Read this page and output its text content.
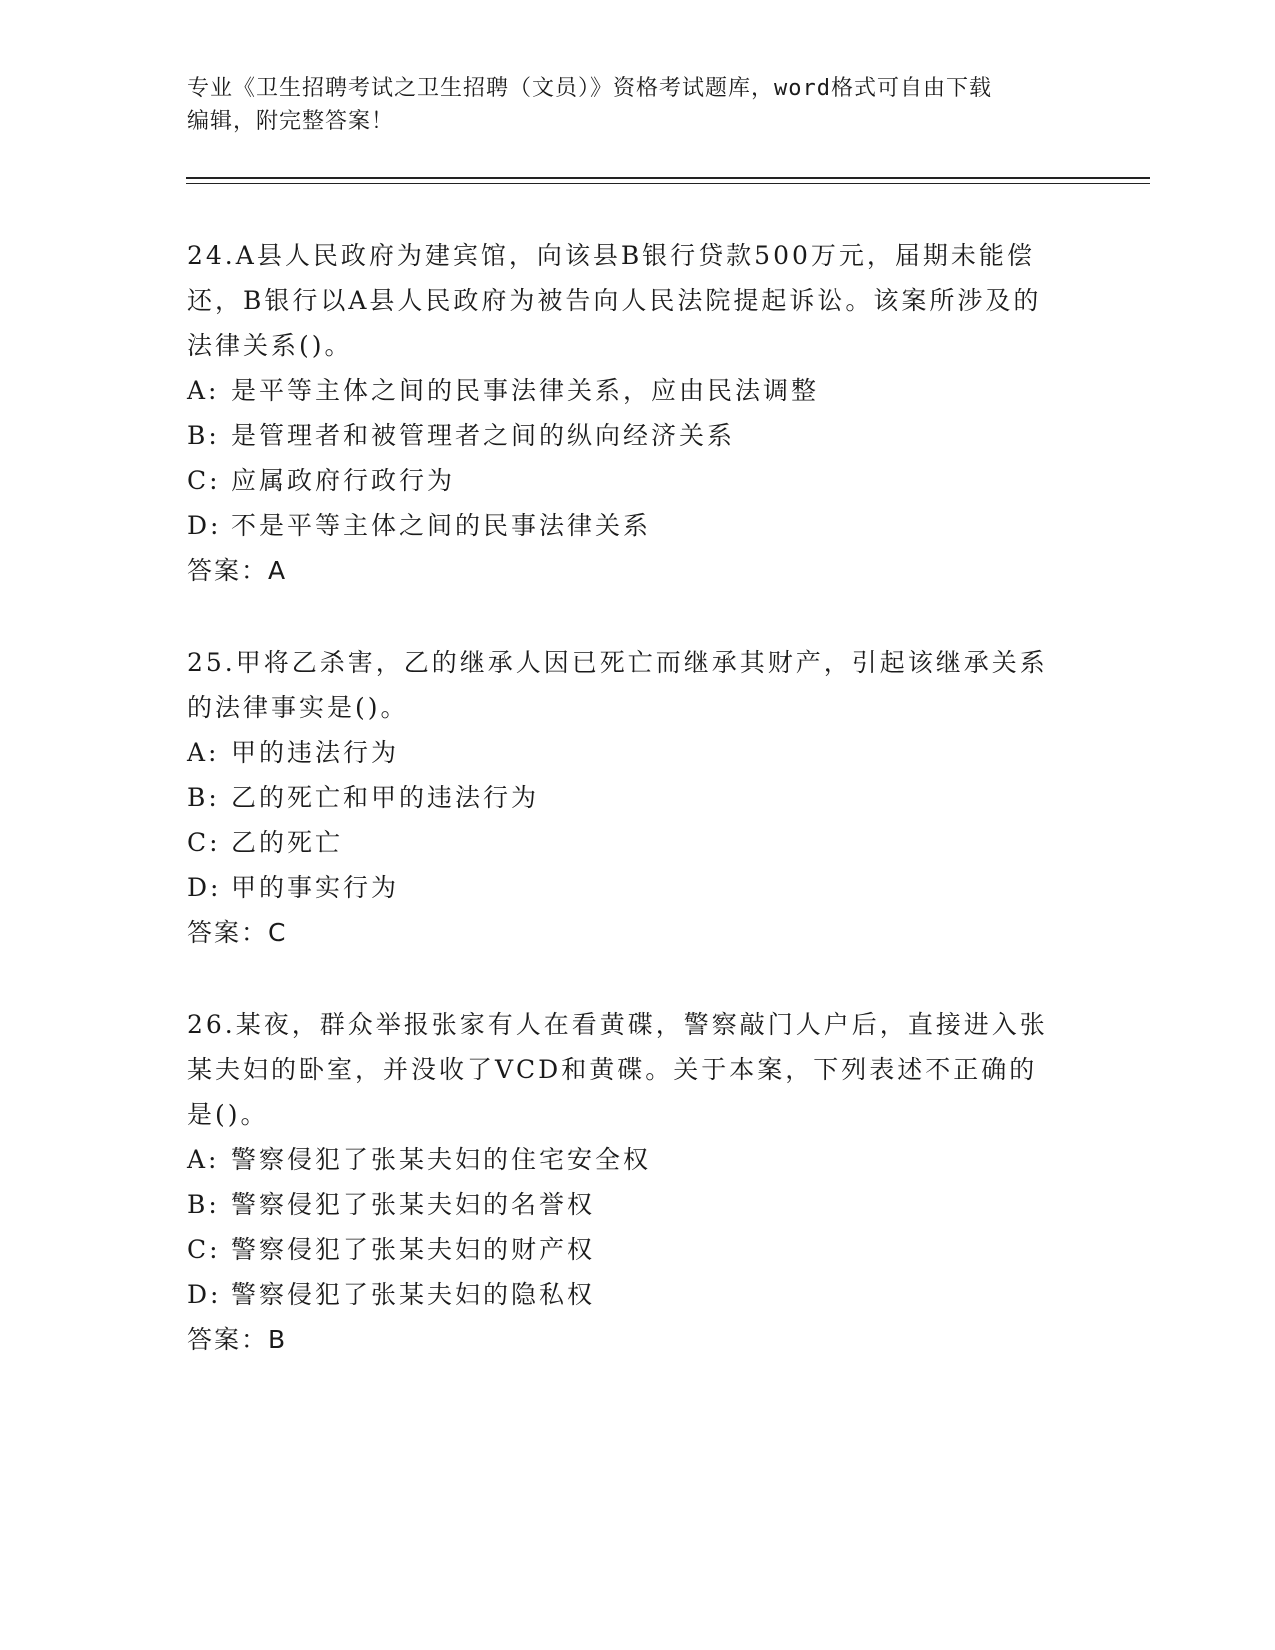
专业《卫生招聘考试之卫生招聘（文员）》资格考试题库，word格式可自由下载
编辑，附完整答案！
24.A县人民政府为建宾馆，向该县B银行贷款500万元，届期未能偿
还，B银行以A县人民政府为被告向人民法院提起诉讼。该案所涉及的
法律关系()。
A: 是平等主体之间的民事法律关系，应由民法调整
B: 是管理者和被管理者之间的纵向经济关系
C: 应属政府行政行为
D: 不是平等主体之间的民事法律关系
答案：A
25.甲将乙杀害，乙的继承人因已死亡而继承其财产，引起该继承关系
的法律事实是()。
A: 甲的违法行为
B: 乙的死亡和甲的违法行为
C: 乙的死亡
D: 甲的事实行为
答案：C
26.某夜，群众举报张家有人在看黄碟，警察敲门人户后，直接进入张
某夫妇的卧室，并没收了VCD和黄碟。关于本案，下列表述不正确的
是()。
A: 警察侵犯了张某夫妇的住宅安全权
B: 警察侵犯了张某夫妇的名誉权
C: 警察侵犯了张某夫妇的财产权
D: 警察侵犯了张某夫妇的隐私权
答案：B
